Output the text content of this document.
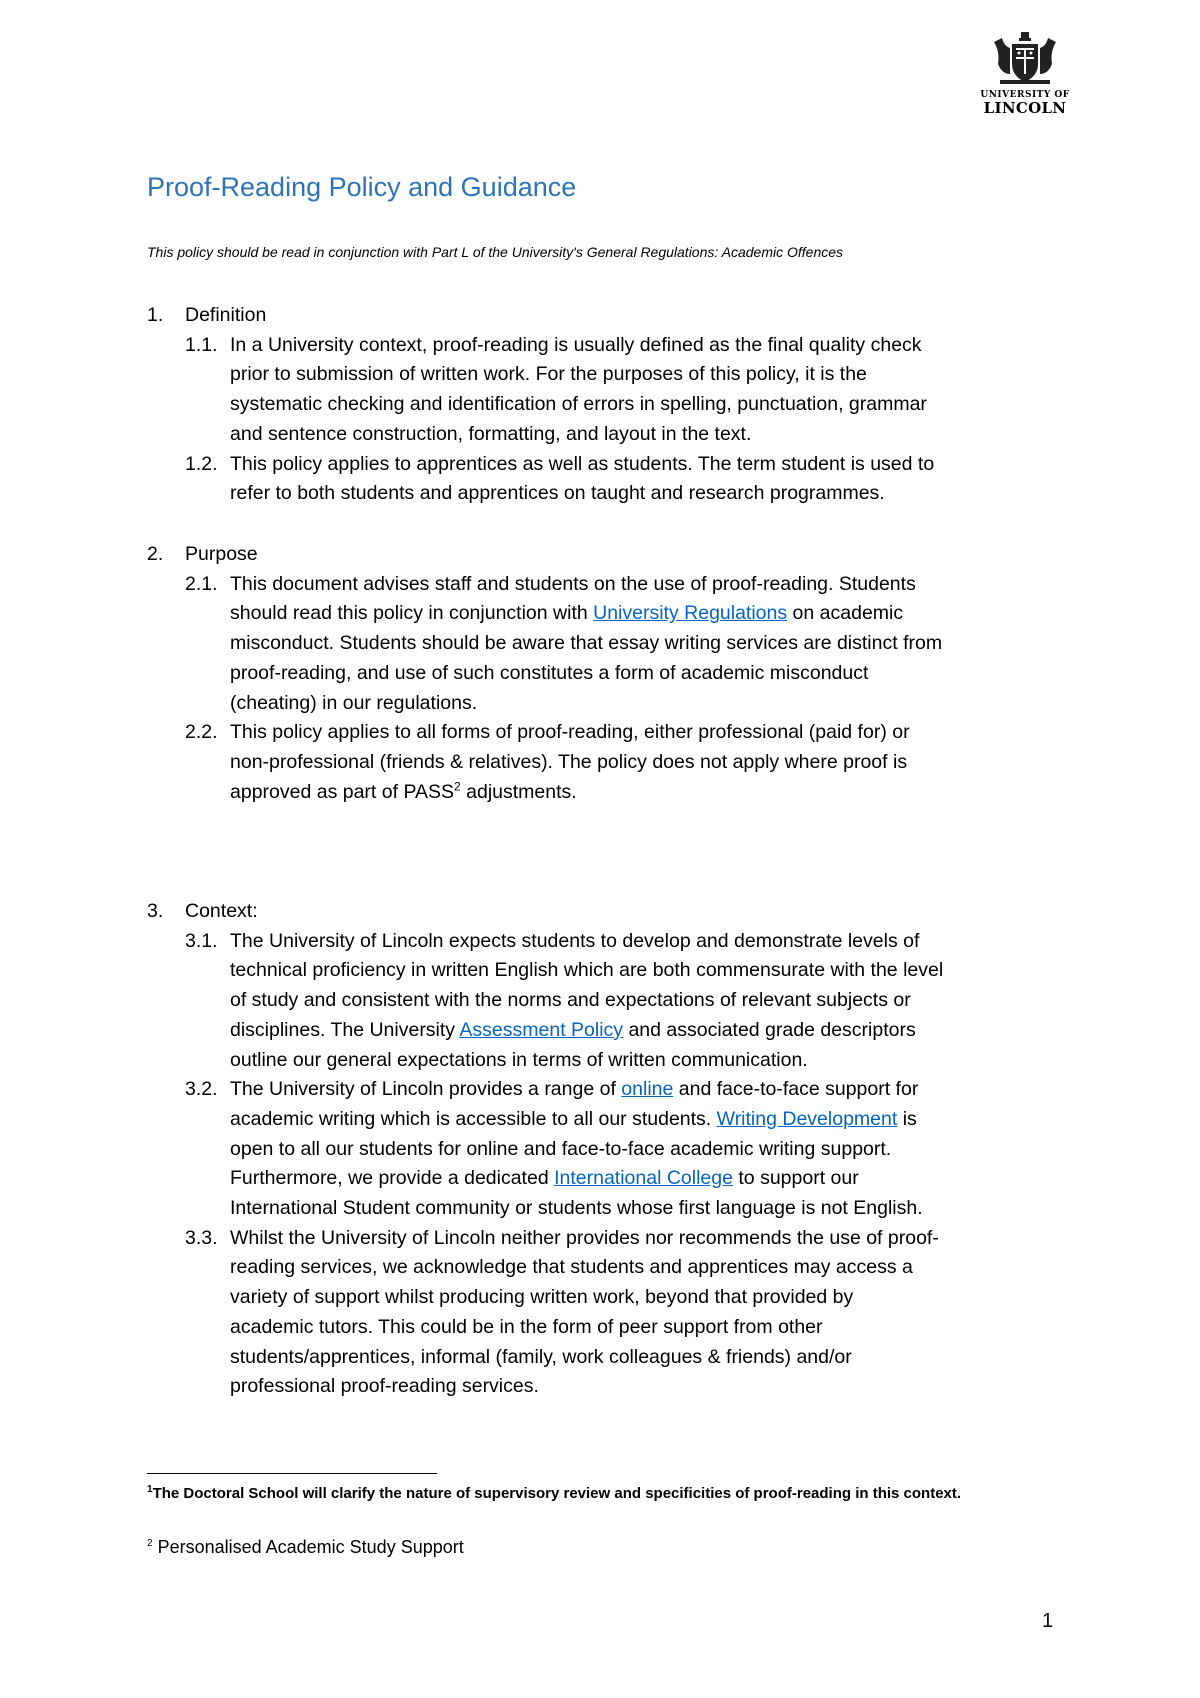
UNIVERSITY OF
LINCOLN
Proof-Reading Policy and Guidance
This policy should be read in conjunction with Part L of the University's General Regulations: Academic Offences
1.	Definition
1.1. In a University context, proof-reading is usually defined as the final quality check
prior to submission of written work. For the purposes of this policy, it is the
systematic checking and identification of errors in spelling, punctuation, grammar
and sentence construction, formatting, and layout in the text.
1.2. This policy applies to apprentices as well as students. The term student is used to
refer to both students and apprentices on taught and research programmes.
2.	Purpose
2.1. This document advises staff and students on the use of proof-reading. Students
should read this policy in conjunction with University Regulations on academic
misconduct. Students should be aware that essay writing services are distinct from
proof-reading, and use of such constitutes a form of academic misconduct
(cheating) in our regulations.
2.2. This policy applies to all forms of proof-reading, either professional (paid for) or
non-professional (friends & relatives). The policy does not apply where proof is
approved as part of PASS$^2$ adjustments.
3.	Context:
3.1. The University of Lincoln expects students to develop and demonstrate levels of
technical proficiency in written English which are both commensurate with the level
of study and consistent with the norms and expectations of relevant subjects or
disciplines. The University Assessment Policy and associated grade descriptors
outline our general expectations in terms of written communication.
3.2. The University of Lincoln provides a range of online and face-to-face support for
academic writing which is accessible to all our students. Writing Development is
open to all our students for online and face-to-face academic writing support.
Furthermore, we provide a dedicated International College to support our
International Student community or students whose first language is not English.
3.3. Whilst the University of Lincoln neither provides nor recommends the use of proof-
reading services, we acknowledge that students and apprentices may access a
variety of support whilst producing written work, beyond that provided by
academic tutors. This could be in the form of peer support from other
students/apprentices, informal (family, work colleagues & friends) and/or
professional proof-reading services.
$^1$The Doctoral School will clarify the nature of supervisory review and specificities of proof-reading in this context.
$^2$ Personalised Academic Study Support
1
